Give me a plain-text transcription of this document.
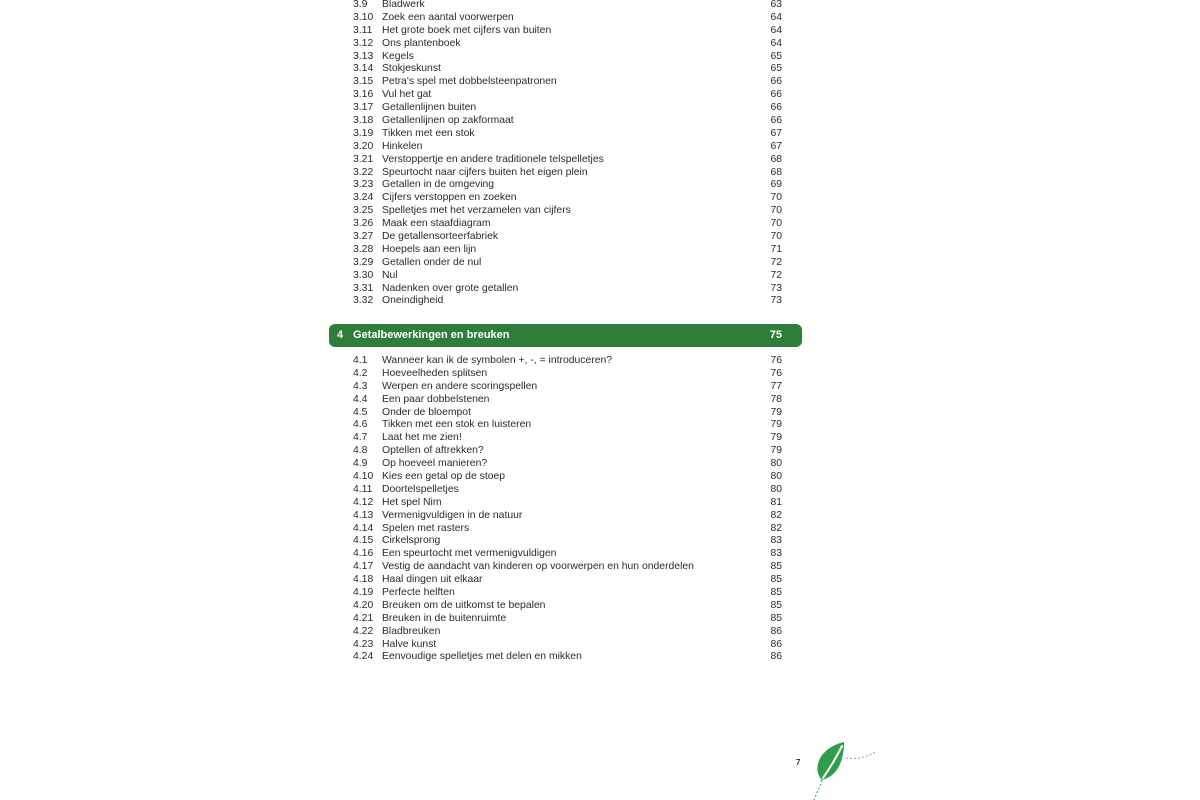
3.9 Bladwerk	63
3.10 Zoek een aantal voorwerpen	64
3.11 Het grote boek met cijfers van buiten	64
3.12 Ons plantenboek	64
3.13 Kegels	65
3.14 Stokjeskunst	65
3.15 Petra's spel met dobbelsteenpatronen	66
3.16 Vul het gat	66
3.17 Getallenlijnen buiten	66
3.18 Getallenlijnen op zakformaat	66
3.19 Tikken met een stok	67
3.20 Hinkelen	67
3.21 Verstoppertje en andere traditionele telspelletjes	68
3.22 Speurtocht naar cijfers buiten het eigen plein	68
3.23 Getallen in de omgeving	69
3.24 Cijfers verstoppen en zoeken	70
3.25 Spelletjes met het verzamelen van cijfers	70
3.26 Maak een staafdiagram	70
3.27 De getallensorteerfabriek	70
3.28 Hoepels aan een lijn	71
3.29 Getallen onder de nul	72
3.30 Nul	72
3.31 Nadenken over grote getallen	73
3.32 Oneindigheid	73
4 Getalbewerkingen en breuken	75
4.1 Wanneer kan ik de symbolen +, -, = introduceren?	76
4.2 Hoeveelheden splitsen	76
4.3 Werpen en andere scoringspellen	77
4.4 Een paar dobbelstenen	78
4.5 Onder de bloempot	79
4.6 Tikken met een stok en luisteren	79
4.7 Laat het me zien!	79
4.8 Optellen of aftrekken?	79
4.9 Op hoeveel manieren?	80
4.10 Kies een getal op de stoep	80
4.11 Doortelspelletjes	80
4.12 Het spel Nim	81
4.13 Vermenigvuldigen in de natuur	82
4.14 Spelen met rasters	82
4.15 Cirkelsprong	83
4.16 Een speurtocht met vermenigvuldigen	83
4.17 Vestig de aandacht van kinderen op voorwerpen en hun onderdelen	85
4.18 Haal dingen uit elkaar	85
4.19 Perfecte helften	85
4.20 Breuken om de uitkomst te bepalen	85
4.21 Breuken in de buitenruimte	85
4.22 Bladbreuken	86
4.23 Halve kunst	86
4.24 Eenvoudige spelletjes met delen en mikken	86
7
